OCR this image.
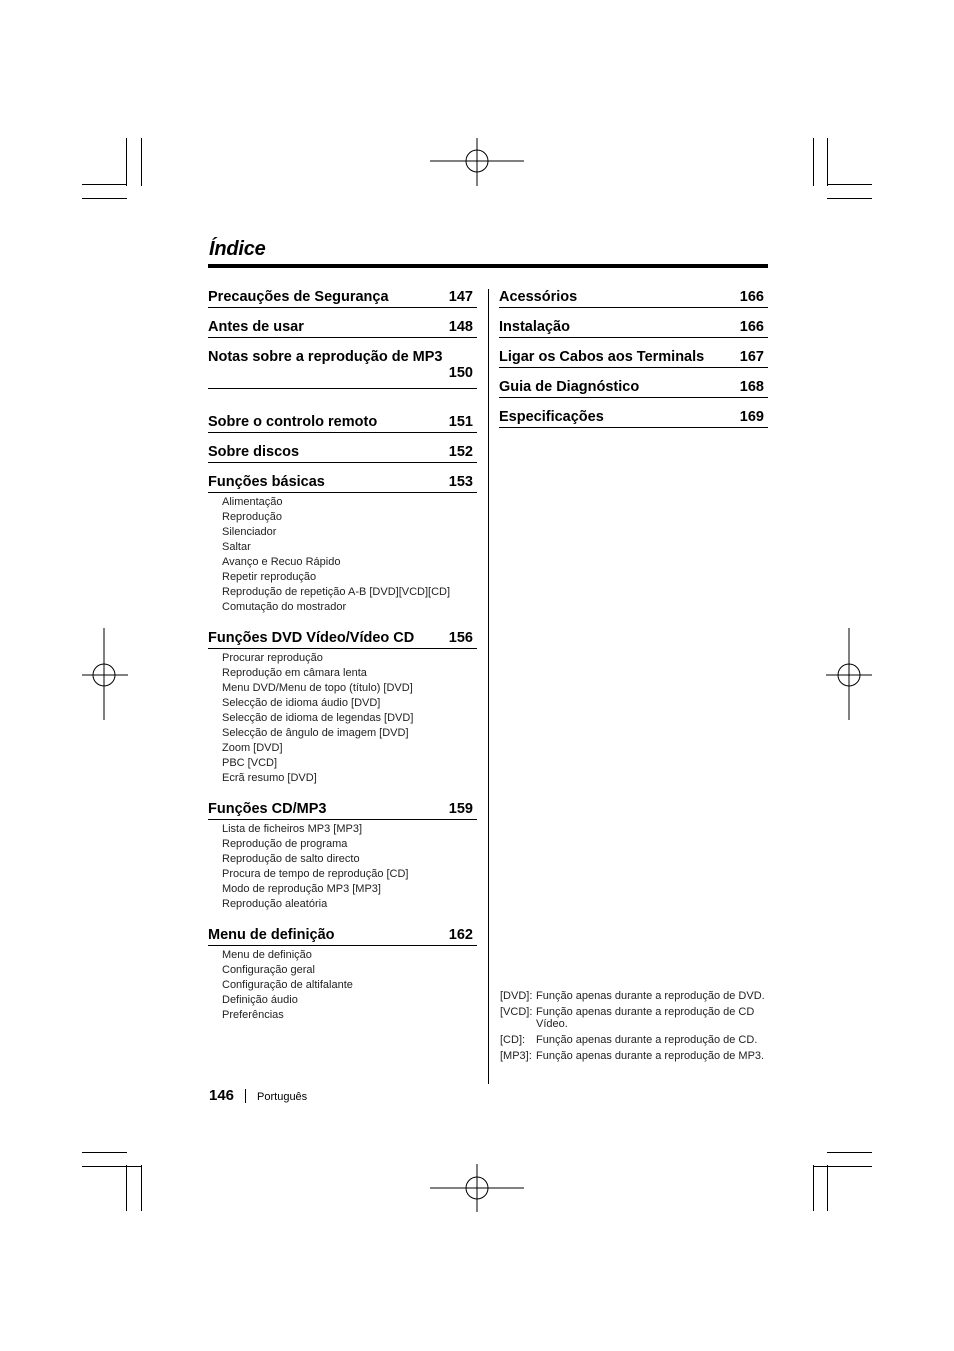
Índice
Precauções de Segurança	147
Antes de usar	148
Notas sobre a reprodução de MP3
150
Sobre o controlo remoto	151
Sobre discos	152
Funções básicas	153
Alimentação
Reprodução
Silenciador
Saltar
Avanço e Recuo Rápido
Repetir reprodução
Reprodução de repetição A-B [DVD][VCD][CD]
Comutação do mostrador
Funções DVD Vídeo/Vídeo CD 156
Procurar reprodução
Reprodução em câmara lenta
Menu DVD/Menu de topo (título) [DVD]
Selecção de idioma áudio [DVD]
Selecção de idioma de legendas [DVD]
Selecção de ângulo de imagem [DVD]
Zoom [DVD]
PBC [VCD]
Ecrã resumo [DVD]
Funções CD/MP3	159
Lista de ficheiros MP3 [MP3]
Reprodução de programa
Reprodução de salto directo
Procura de tempo de reprodução [CD]
Modo de reprodução MP3 [MP3]
Reprodução aleatória
Menu de definição	162
Menu de definição
Configuração geral
Configuração de altifalante
Definição áudio
Preferências
Acessórios	166
Instalação	166
Ligar os Cabos aos Terminals 167
Guia de Diagnóstico	168
Especificações	169
[DVD]: Função apenas durante a reprodução de DVD.
[VCD]: Função apenas durante a reprodução de CD Vídeo.
[CD]: Função apenas durante a reprodução de CD.
[MP3]: Função apenas durante a reprodução de MP3.
146 Português
